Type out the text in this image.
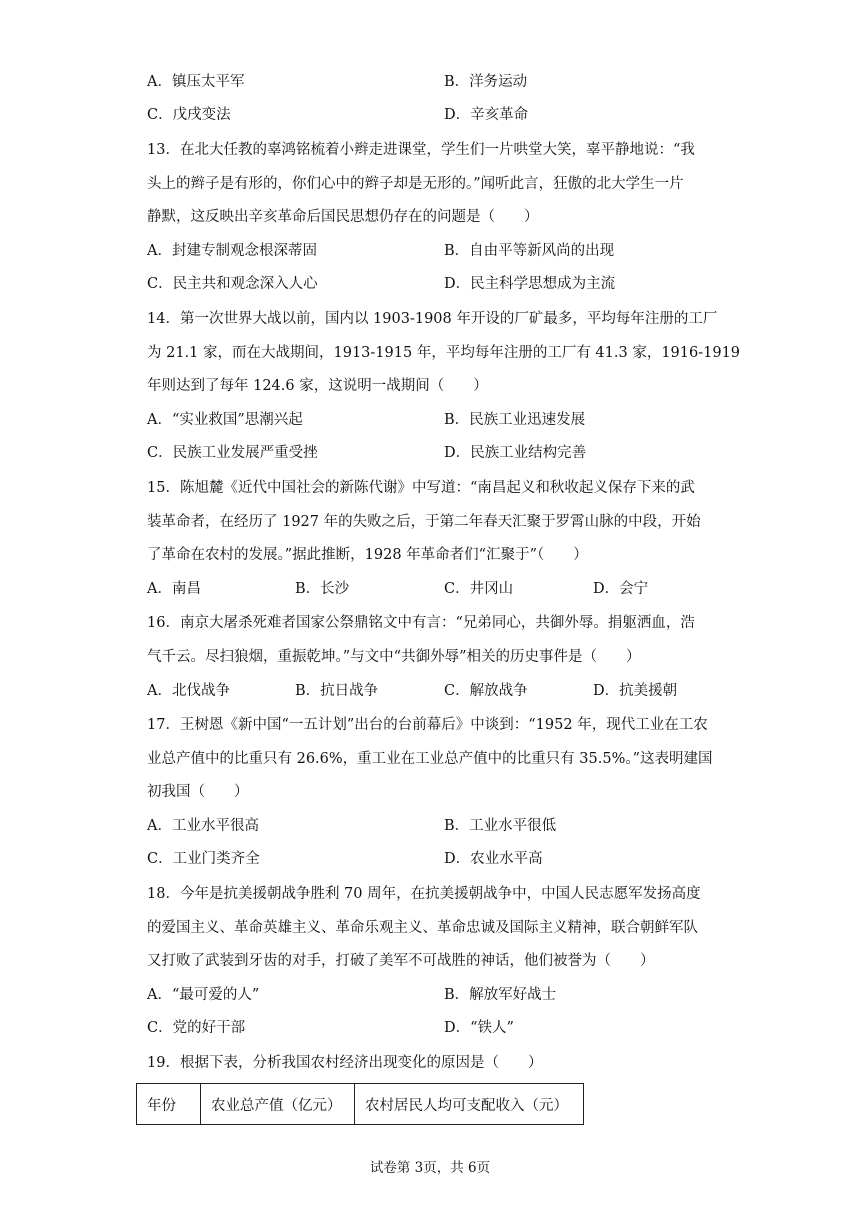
A．镇压太平军	B．洋务运动
C．戊戌变法	D．辛亥革命
13．在北大任教的辜鸿铭梳着小辫走进课堂，学生们一片哄堂大笑，辜平静地说：“我
头上的辫子是有形的，你们心中的辫子却是无形的。”闻听此言，狂傲的北大学生一片
静默，这反映出辛亥革命后国民思想仍存在的问题是（　　）
A．封建专制观念根深蒂固	B．自由平等新风尚的出现
C．民主共和观念深入人心	D．民主科学思想成为主流
14．第一次世界大战以前，国内以 1903-1908 年开设的厂矿最多，平均每年注册的工厂
为 21.1 家，而在大战期间，1913-1915 年，平均每年注册的工厂有 41.3 家，1916-1919
年则达到了每年 124.6 家，这说明一战期间（　　）
A．“实业救国”思潮兴起	B．民族工业迅速发展
C．民族工业发展严重受挫	D．民族工业结构完善
15．陈旭麓《近代中国社会的新陈代谢》中写道：“南昌起义和秋收起义保存下来的武
装革命者，在经历了 1927 年的失败之后，于第二年春天汇聚于罗霄山脉的中段，开始
了革命在农村的发展。”据此推断，1928 年革命者们“汇聚于”（　　）
A．南昌	B．长沙	C．井冈山	D．会宁
16．南京大屠杀死难者国家公祭鼎铭文中有言：“兄弟同心，共御外辱。捐躯洒血，浩
气千云。尽扫狼烟，重振乾坤。”与文中“共御外辱”相关的历史事件是（　　）
A．北伐战争	B．抗日战争	C．解放战争	D．抗美援朝
17．王树恩《新中国“一五计划”出台的台前幕后》中谈到：“1952 年，现代工业在工农
业总产值中的比重只有 26.6%，重工业在工业总产值中的比重只有 35.5%。”这表明建国
初我国（　　）
A．工业水平很高	B．工业水平很低
C．工业门类齐全	D．农业水平高
18．今年是抗美援朝战争胜利 70 周年，在抗美援朝战争中，中国人民志愿军发扬高度
的爱国主义、革命英雄主义、革命乐观主义、革命忠诚及国际主义精神，联合朝鲜军队
又打败了武装到牙齿的对手，打破了美军不可战胜的神话，他们被誉为（　　）
A．“最可爱的人”	B．解放军好战士
C．党的好干部	D．“铁人”
19．根据下表，分析我国农村经济出现变化的原因是（　　）
年份	农业总产值（亿元）	农村居民人均可支配收入（元）
试卷第 3页，共 6页
